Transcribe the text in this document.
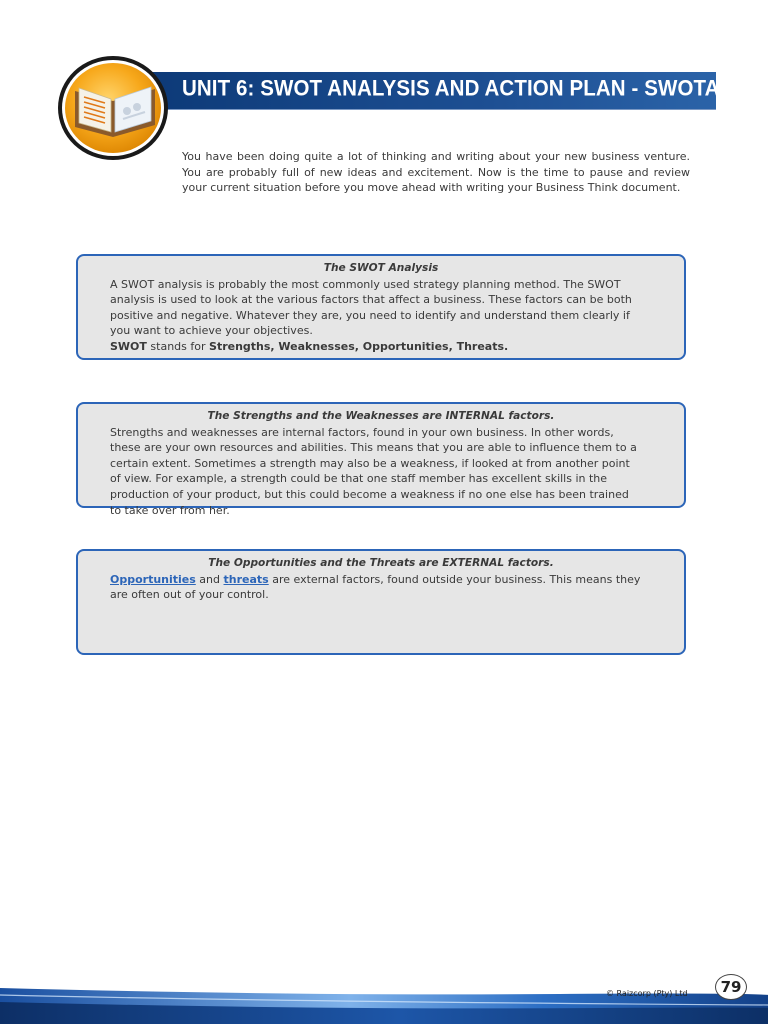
UNIT 6: SWOT ANALYSIS AND ACTION PLAN - SWOTA
You have been doing quite a lot of thinking and writing about your new business venture. You are probably full of new ideas and excitement. Now is the time to pause and review your current situation before you move ahead with writing your Business Think document.
The SWOT Analysis
A SWOT analysis is probably the most commonly used strategy planning method. The SWOT analysis is used to look at the various factors that affect a business. These factors can be both positive and negative. Whatever they are, you need to identify and understand them clearly if you want to achieve your objectives.
SWOT stands for Strengths, Weaknesses, Opportunities, Threats.
The Strengths and the Weaknesses are INTERNAL factors.
Strengths and weaknesses are internal factors, found in your own business. In other words, these are your own resources and abilities. This means that you are able to influence them to a certain extent. Sometimes a strength may also be a weakness, if looked at from another point of view. For example, a strength could be that one staff member has excellent skills in the production of your product, but this could become a weakness if no one else has been trained to take over from her.
The Opportunities and the Threats are EXTERNAL factors.
Opportunities and threats are external factors, found outside your business. This means they are often out of your control.
© Raizcorp (Pty) Ltd	79
